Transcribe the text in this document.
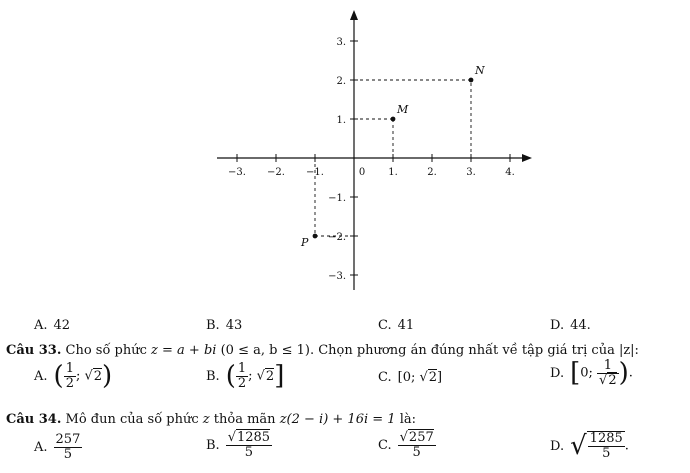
−3. −2. −1.	0 1.	2.	3.	4.
3.
2.
1.
−1.
−2.
−3.
N
M
P
A. 42	B. 43	C. 41	D. 44.
Câu 33. Cho số phức z = a + bi (0 ≤ a, b ≤ 1). Chọn phương án đúng nhất về tập giá trị của |z|:
A. ( $\frac{1}{2}$ ; √2)	B. ( $\frac{1}{2}$ ; √2]	C. [0; √2]	D. [0; $\frac{1}{√2}$ ).
Câu 34. Mô đun của số phức z thỏa mãn z(2 − i) + 16i = 1 là:
A. $\frac{257}{5}$	B. $\frac{√1285}{5}$	C. $\frac{√257}{5}$	D. √ $\frac{1285}{5}$ .
